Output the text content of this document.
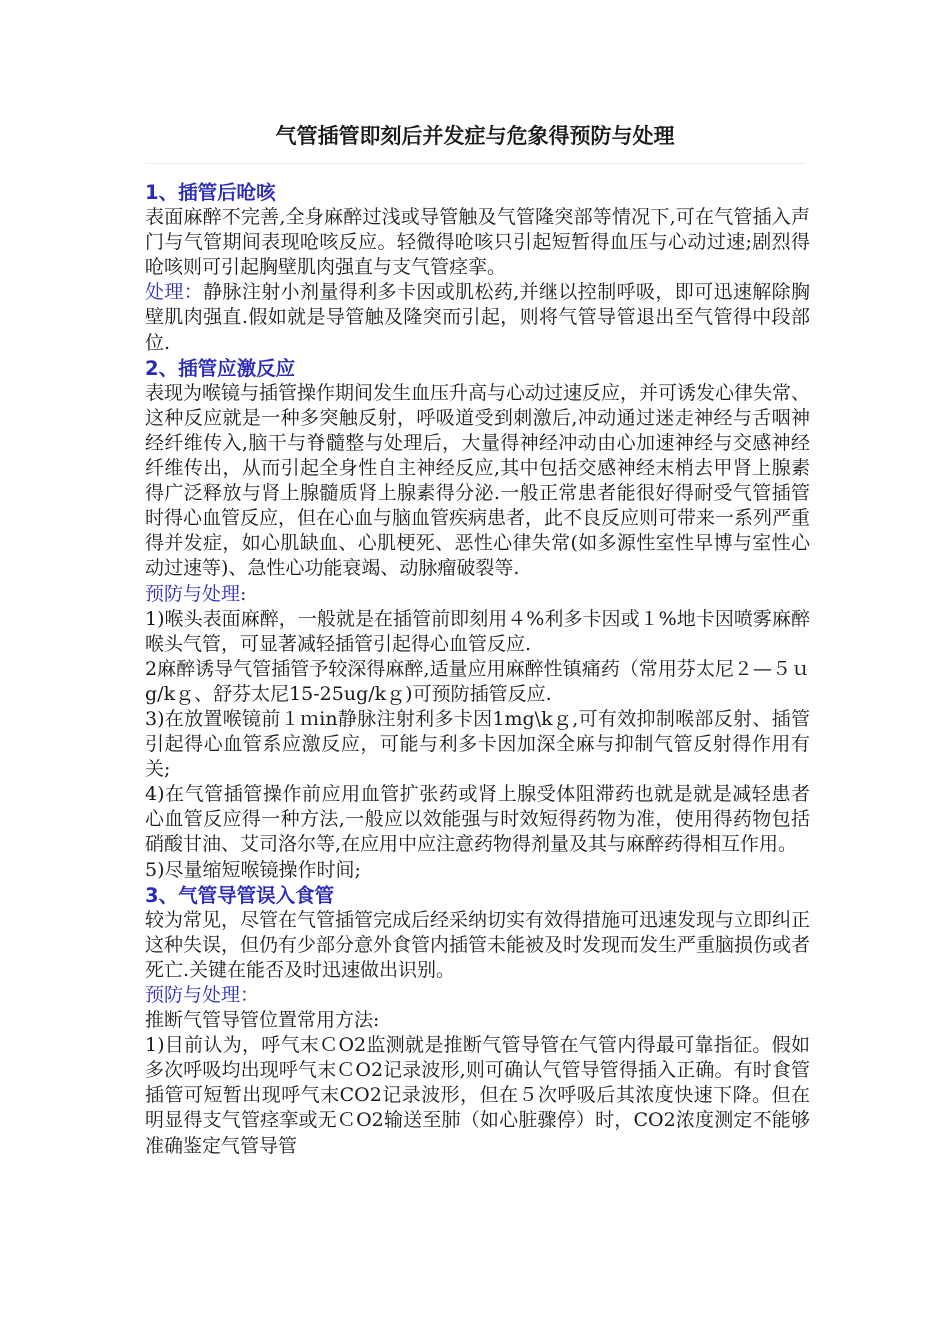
气管插管即刻后并发症与危象得预防与处理

1、插管后呛咳

表面麻醉不完善,全身麻醉过浅或导管触及气管隆突部等情况下,可在气管插入声门与气管期间表现呛咳反应。轻微得呛咳只引起短暂得血压与心动过速;剧烈得呛咳则可引起胸壁肌肉强直与支气管痉挛。

处理：静脉注射小剂量得利多卡因或肌松药,并继以控制呼吸，即可迅速解除胸壁肌肉强直.假如就是导管触及隆突而引起，则将气管导管退出至气管得中段部位.

2、插管应激反应

表现为喉镜与插管操作期间发生血压升高与心动过速反应，并可诱发心律失常、这种反应就是一种多突触反射，呼吸道受到刺激后,冲动通过迷走神经与舌咽神经纤维传入,脑干与脊髓整与处理后，大量得神经冲动由心加速神经与交感神经纤维传出，从而引起全身性自主神经反应,其中包括交感神经末梢去甲肾上腺素得广泛释放与肾上腺髓质肾上腺素得分泌.一般正常患者能很好得耐受气管插管时得心血管反应，但在心血与脑血管疾病患者，此不良反应则可带来一系列严重得并发症，如心肌缺血、心肌梗死、恶性心律失常(如多源性室性早博与室性心动过速等)、急性心功能衰竭、动脉瘤破裂等.

预防与处理:

1)喉头表面麻醉，一般就是在插管前即刻用４%利多卡因或１%地卡因喷雾麻醉喉头气管，可显著减轻插管引起得心血管反应.

2麻醉诱导气管插管予较深得麻醉,适量应用麻醉性镇痛药（常用芬太尼２—５ｕg/kｇ、舒芬太尼15-25ug/kｇ)可预防插管反应.

3)在放置喉镜前１ｍin静脉注射利多卡因1mg\kｇ,可有效抑制喉部反射、插管引起得心血管系应激反应，可能与利多卡因加深全麻与抑制气管反射得作用有关;

4)在气管插管操作前应用血管扩张药或肾上腺受体阻滞药也就是就是减轻患者心血管反应得一种方法,一般应以效能强与时效短得药物为准，使用得药物包括硝酸甘油、艾司洛尔等,在应用中应注意药物得剂量及其与麻醉药得相互作用。

5)尽量缩短喉镜操作时间;

3、气管导管误入食管

较为常见，尽管在气管插管完成后经采纳切实有效得措施可迅速发现与立即纠正这种失误，但仍有少部分意外食管内插管未能被及时发现而发生严重脑损伤或者死亡.关键在能否及时迅速做出识别。

预防与处理：

推断气管导管位置常用方法:

1)目前认为，呼气末ＣO2监测就是推断气管导管在气管内得最可靠指征。假如多次呼吸均出现呼气末ＣO2记录波形,则可确认气管导管得插入正确。有时食管插管可短暂出现呼气末CO2记录波形，但在５次呼吸后其浓度快速下降。但在明显得支气管痉挛或无ＣO2输送至肺（如心脏骤停）时，CO2浓度测定不能够准确鉴定气管导管
